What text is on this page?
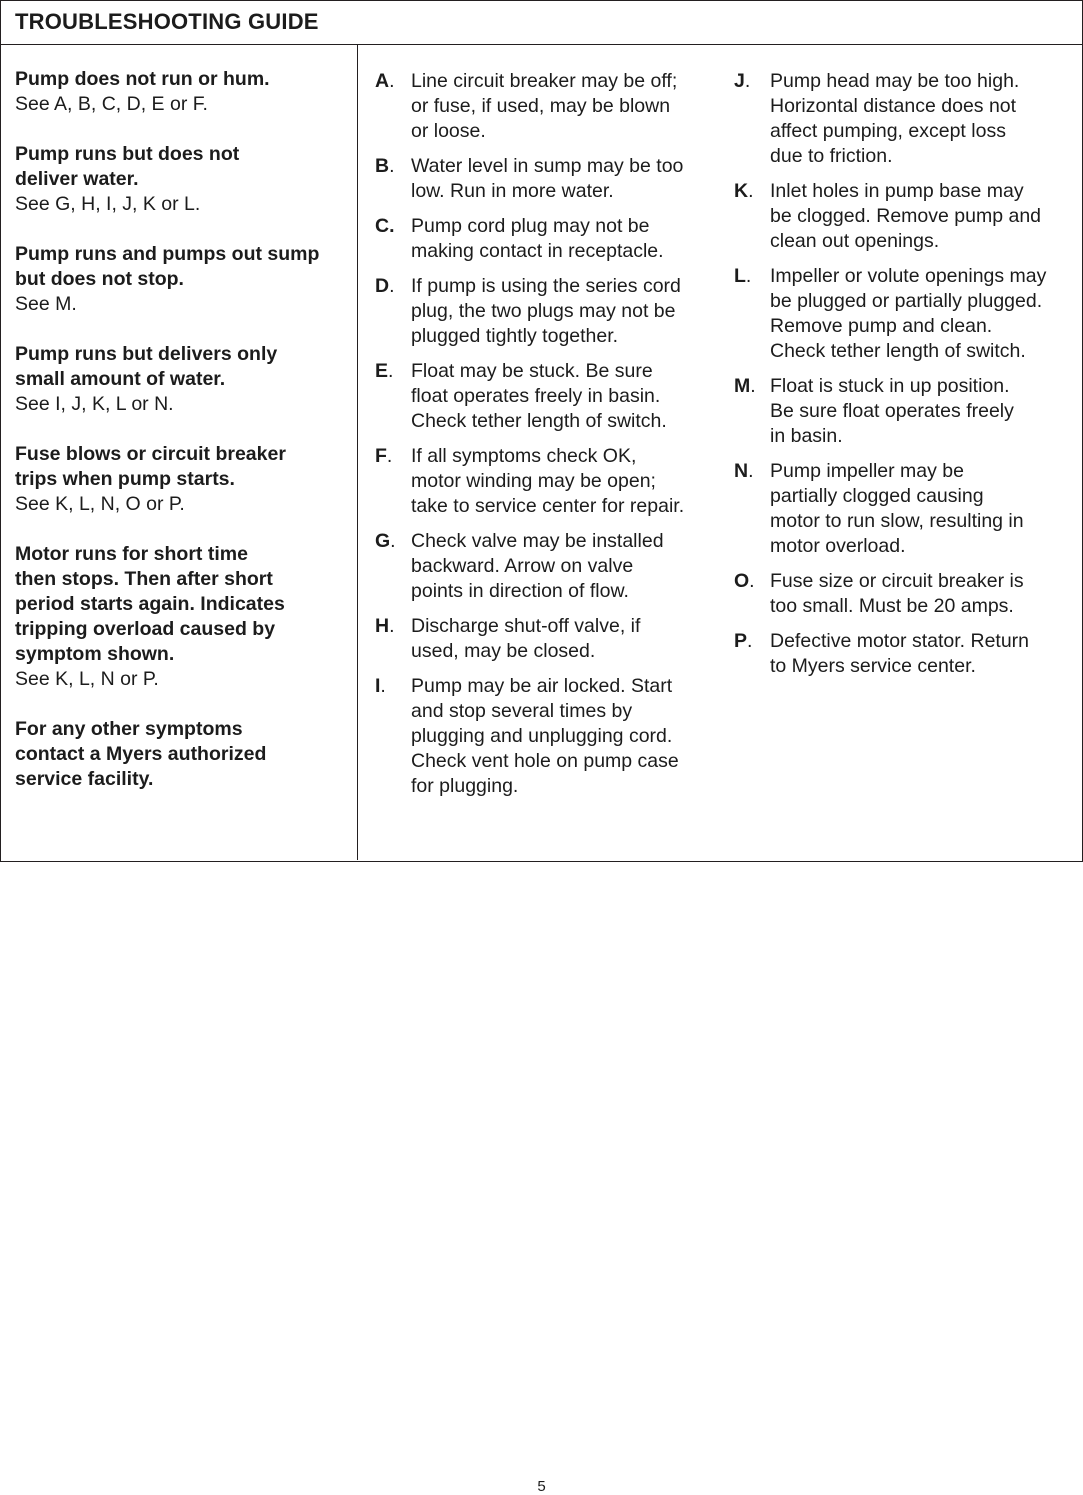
TROUBLESHOOTING GUIDE
Pump does not run or hum.
See A, B, C, D, E or F.
Pump runs but does not
deliver water.
See G, H, I, J, K or L.
Pump runs and pumps out sump
but does not stop.
See M.
Pump runs but delivers only
small amount of water.
See I, J, K, L or N.
Fuse blows or circuit breaker
trips when pump starts.
See K, L, N, O or P.
Motor runs for short time
then stops. Then after short
period starts again. Indicates
tripping overload caused by
symptom shown.
See K, L, N or P.
For any other symptoms
contact a Myers authorized
service facility.
A. Line circuit breaker may be off;
or fuse, if used, may be blown
or loose.
B. Water level in sump may be too
low. Run in more water.
C. Pump cord plug may not be
making contact in receptacle.
D. If pump is using the series cord
plug, the two plugs may not be
plugged tightly together.
E. Float may be stuck. Be sure
float operates freely in basin.
Check tether length of switch.
F. If all symptoms check OK,
motor winding may be open;
take to service center for repair.
G. Check valve may be installed
backward. Arrow on valve
points in direction of flow.
H. Discharge shut-off valve, if
used, may be closed.
I. Pump may be air locked. Start
and stop several times by
plugging and unplugging cord.
Check vent hole on pump case
for plugging.
J. Pump head may be too high.
Horizontal distance does not
affect pumping, except loss
due to friction.
K. Inlet holes in pump base may
be clogged. Remove pump and
clean out openings.
L. Impeller or volute openings may
be plugged or partially plugged.
Remove pump and clean.
Check tether length of switch.
M. Float is stuck in up position.
Be sure float operates freely
in basin.
N. Pump impeller may be
partially clogged causing
motor to run slow, resulting in
motor overload.
O. Fuse size or circuit breaker is
too small. Must be 20 amps.
P. Defective motor stator. Return
to Myers service center.
5
